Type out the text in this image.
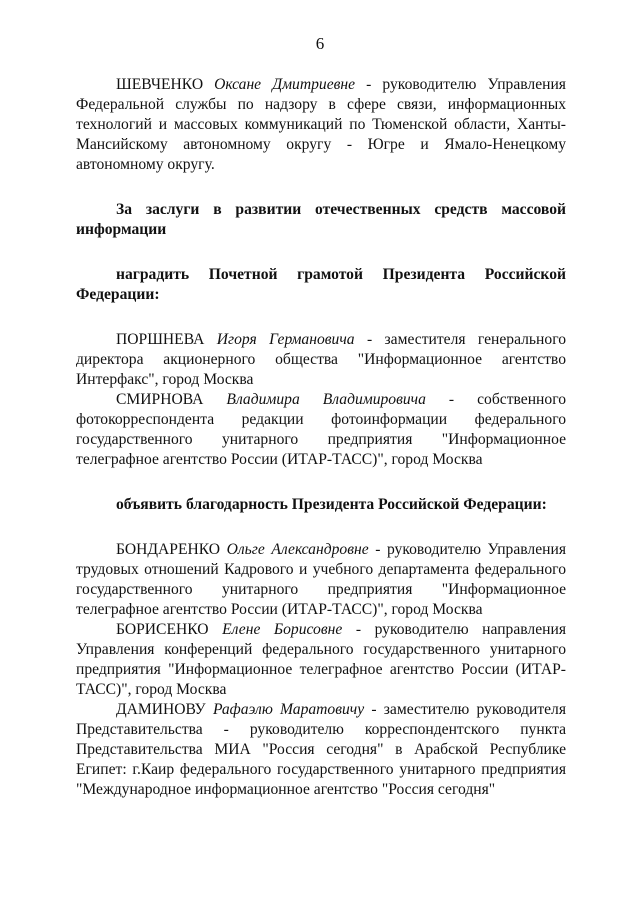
6

ШЕВЧЕНКО Оксане Дмитриевне - руководителю Управления Федеральной службы по надзору в сфере связи, информационных технологий и массовых коммуникаций по Тюменской области, Ханты-Мансийскому автономному округу - Югре и Ямало-Ненецкому автономному округу.

За заслуги в развитии отечественных средств массовой информации

наградить Почетной грамотой Президента Российской Федерации:

ПОРШНЕВА Игоря Германовича - заместителя генерального директора акционерного общества "Информационное агентство Интерфакс", город Москва

СМИРНОВА Владимира Владимировича - собственного фотокорреспондента редакции фотоинформации федерального государственного унитарного предприятия "Информационное телеграфное агентство России (ИТАР-ТАСС)", город Москва

объявить благодарность Президента Российской Федерации:

БОНДАРЕНКО Ольге Александровне - руководителю Управления трудовых отношений Кадрового и учебного департамента федерального государственного унитарного предприятия "Информационное телеграфное агентство России (ИТАР-ТАСС)", город Москва

БОРИСЕНКО Елене Борисовне - руководителю направления Управления конференций федерального государственного унитарного предприятия "Информационное телеграфное агентство России (ИТАР-ТАСС)", город Москва

ДАМИНОВУ Рафаэлю Маратовичу - заместителю руководителя Представительства - руководителю корреспондентского пункта Представительства МИА "Россия сегодня" в Арабской Республике Египет: г.Каир федерального государственного унитарного предприятия "Международное информационное агентство "Россия сегодня"
